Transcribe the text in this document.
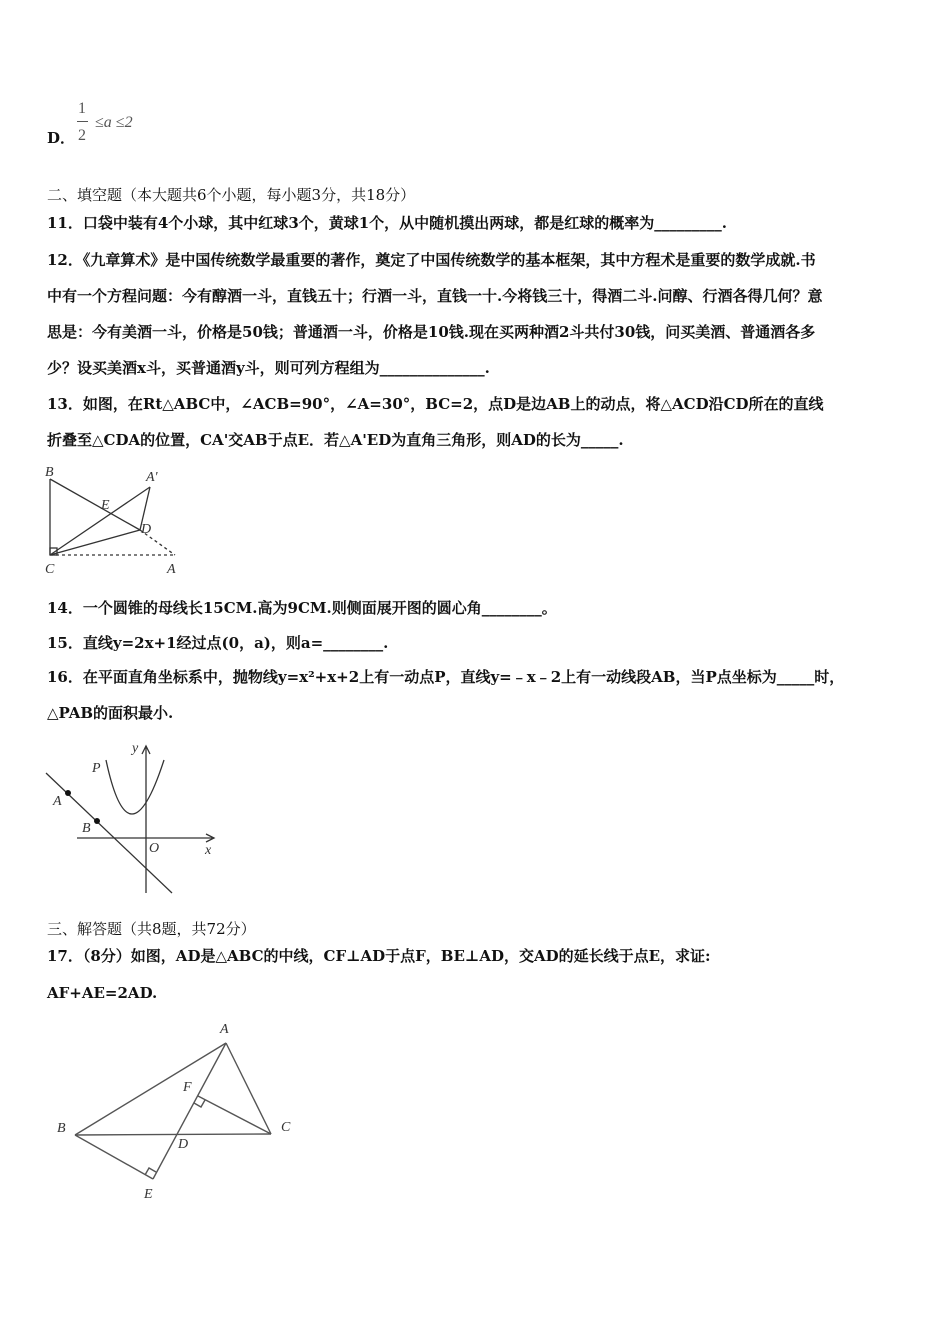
D．
1
2
≤a ≤2
二、填空题（本大题共6个小题，每小题3分，共18分）
11．口袋中装有4个小球，其中红球3个，黄球1个，从中随机摸出两球，都是红球的概率为_________.
12．《九章算术》是中国传统数学最重要的著作，奠定了中国传统数学的基本框架，其中方程术是重要的数学成就.书
中有一个方程问题：今有醇酒一斗，直钱五十；行酒一斗，直钱一十.今将钱三十，得酒二斗.问醇、行酒各得几何？意
思是：今有美酒一斗，价格是50钱；普通酒一斗，价格是10钱.现在买两种酒2斗共付30钱，问买美酒、普通酒各多
少？设买美酒x斗，买普通酒y斗，则可列方程组为______________.
13．如图，在Rt△ABC中，∠ACB=90°，∠A=30°，BC=2，点D是边AB上的动点，将△ACD沿CD所在的直线
折叠至△CDA的位置，CA'交AB于点E．若△A'ED为直角三角形，则AD的长为_____.
B	A'
E
D
C	A
14．一个圆锥的母线长15CM.高为9CM.则侧面展开图的圆心角________。
15．直线y=2x+1经过点(0，a)，则a=________.
16．在平面直角坐标系中，抛物线y=x²+x+2上有一动点P，直线y=﹣x﹣2上有一动线段AB，当P点坐标为_____时，
△PAB的面积最小.
y
P
A
B
O	x
三、解答题（共8题，共72分）
17．（8分）如图，AD是△ABC的中线，CF⊥AD于点F，BE⊥AD，交AD的延长线于点E，求证:
AF+AE=2AD.
A
F
B
D
C
E
